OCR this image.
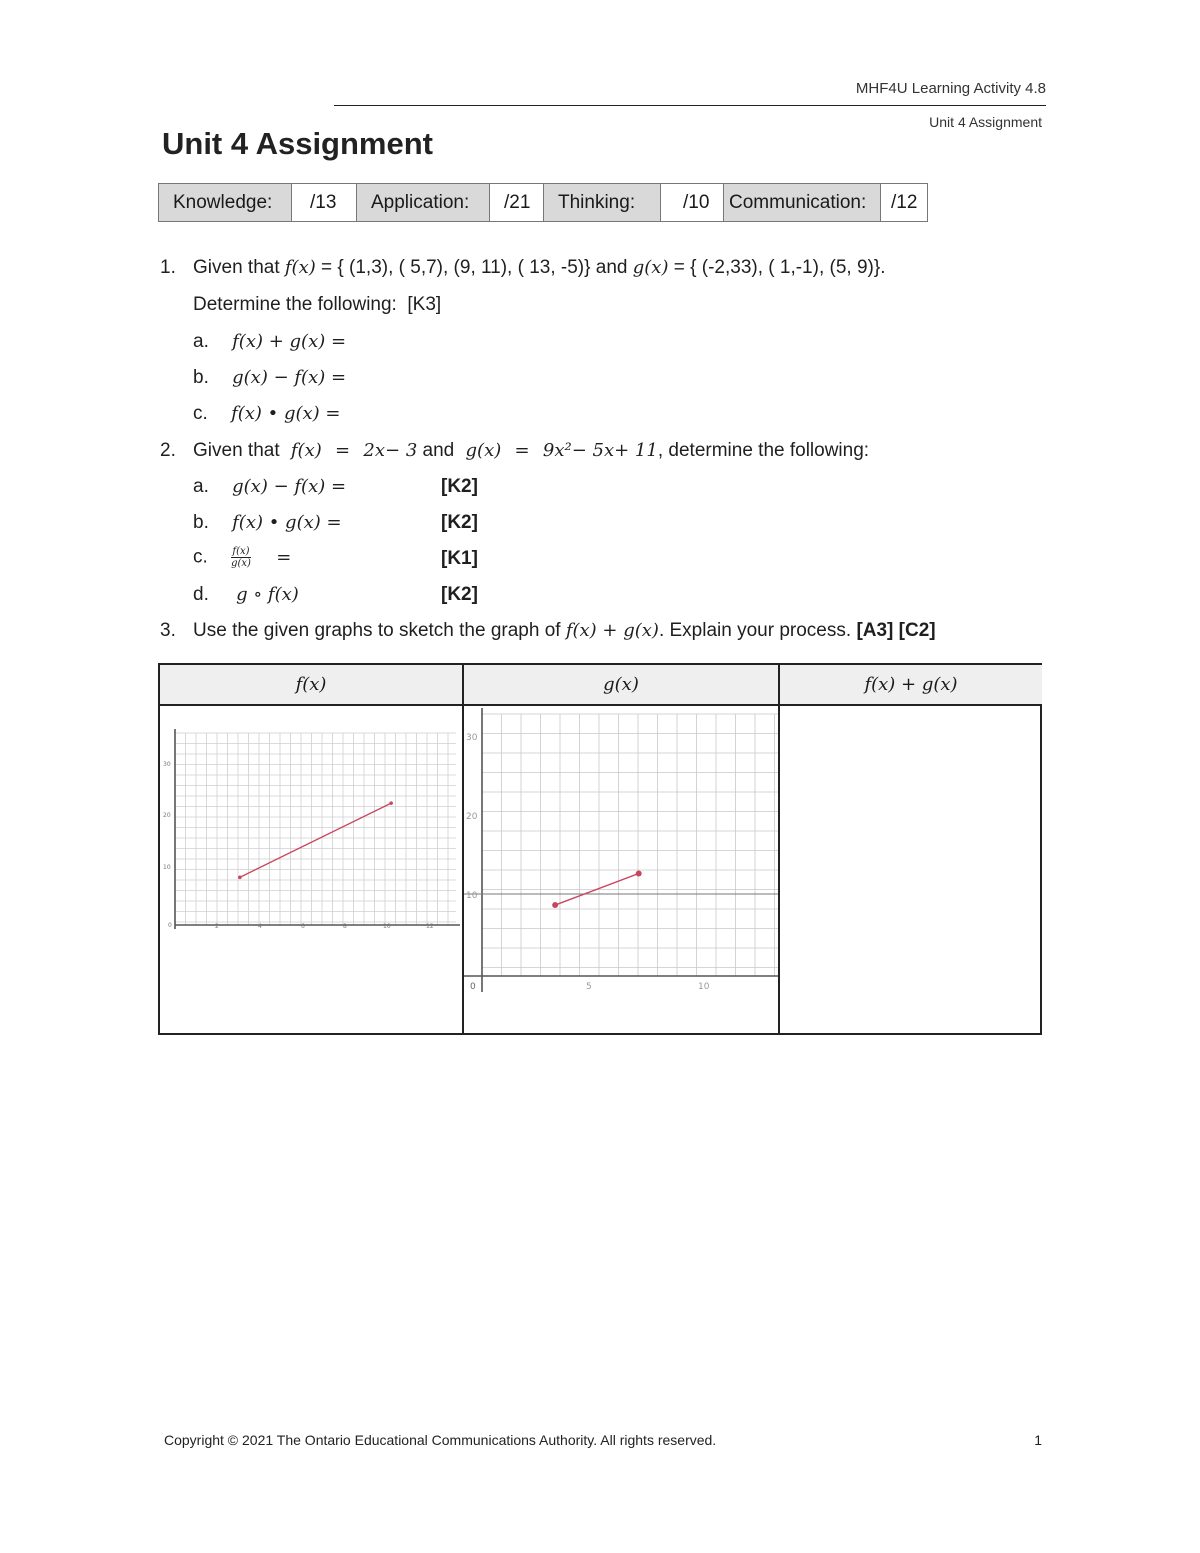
MHF4U Learning Activity 4.8
Unit 4 Assignment
Unit 4 Assignment
Knowledge:	/13	Application:	/21	Thinking:	/10	Communication:	/12
1. Given that f(x) = { (1,3), ( 5,7), (9, 11), ( 13, -5)} and g(x) = { (-2,33), ( 1,-1), (5, 9)}.
Determine the following: [K3]
a. f(x) + g(x) =
b. g(x) − f(x) =
c. f(x) • g(x) =
2. Given that f(x) = 2x− 3 and g(x) = 9x²− 5x+ 11, determine the following:
a. g(x) − f(x) =	[K2]
b. f(x) • g(x) =	[K2]
c. $\frac{f(x)}{g(x)}$ =	[K1]
d. g ∘ f(x)	[K2]
3. Use the given graphs to sketch the graph of f(x) + g(x). Explain your process. [A3] [C2]
f(x)	g(x)	f(x) + g(x)
30
20
10
0	2	4	6	8	10	12
30
20
10
0	5	10
Copyright © 2021 The Ontario Educational Communications Authority. All rights reserved.	1
